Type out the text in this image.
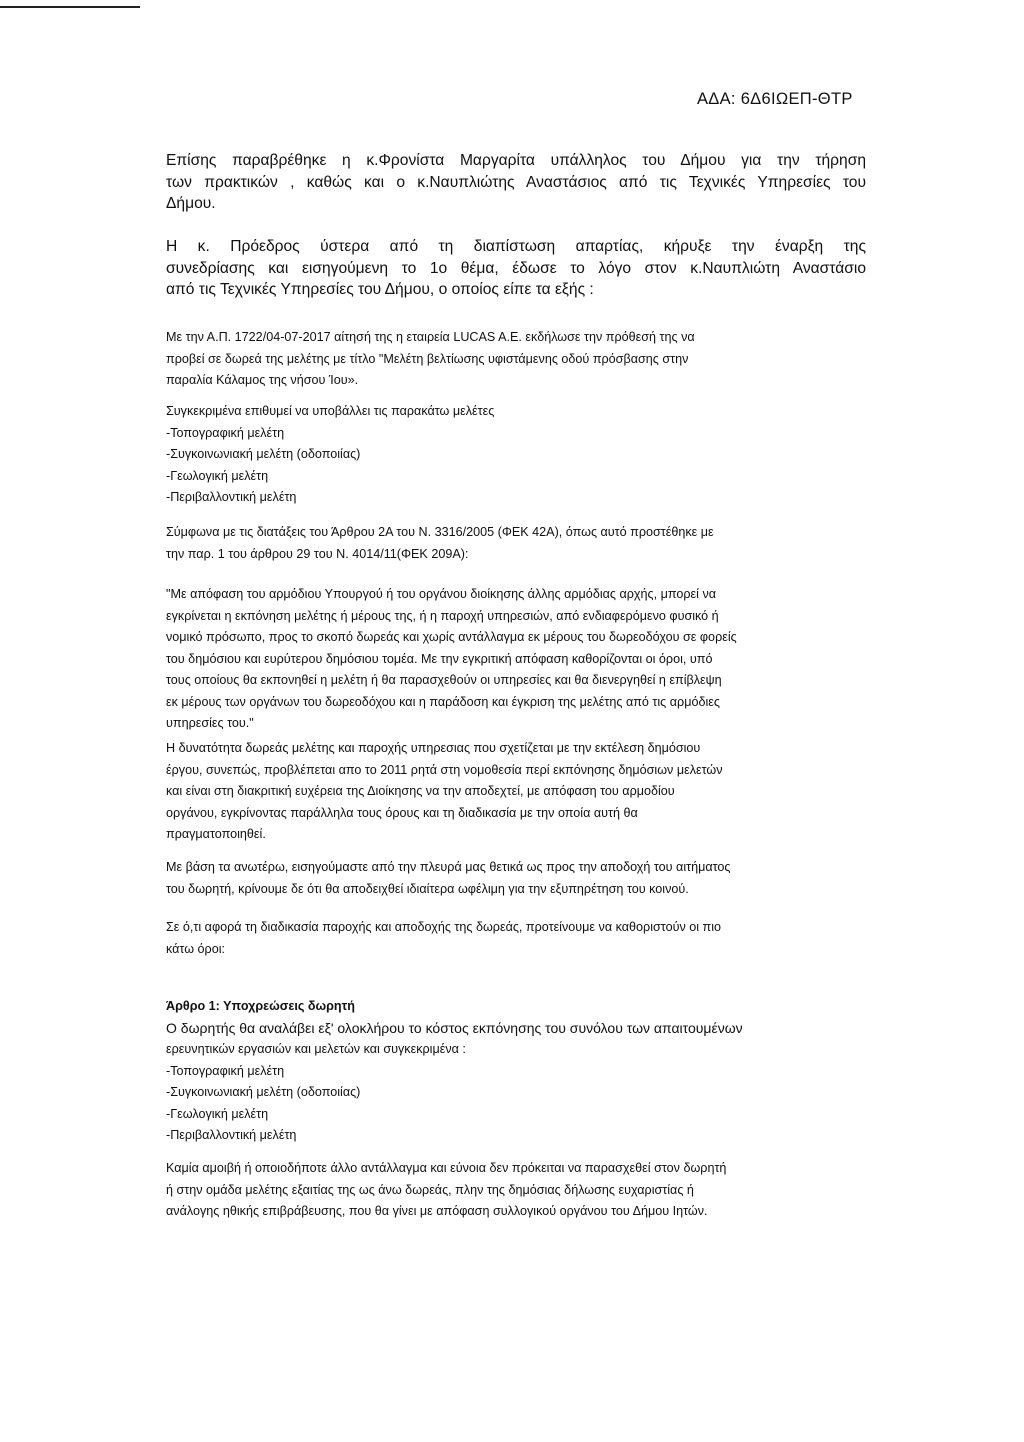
ΑΔΑ: 6Δ6ΙΩΕΠ-ΘΤΡ
Επίσης παραβρέθηκε η κ.Φρονίστα Μαργαρίτα υπάλληλος του Δήμου για την τήρηση
των πρακτικών , καθώς και ο κ.Ναυπλιώτης Αναστάσιος από τις Τεχνικές Υπηρεσίες του
Δήμου.
Η κ. Πρόεδρος ύστερα από τη διαπίστωση απαρτίας, κήρυξε την έναρξη της
συνεδρίασης και εισηγούμενη το 1ο θέμα, έδωσε το λόγο στον κ.Ναυπλιώτη Αναστάσιο
από τις Τεχνικές Υπηρεσίες του Δήμου, ο οποίος είπε τα εξής :
Με την Α.Π. 1722/04-07-2017 αίτησή της η εταιρεία LUCAS A.E. εκδήλωσε την πρόθεσή της να
προβεί σε δωρεά της μελέτης με τίτλο "Μελέτη βελτίωσης υφιστάμενης οδού πρόσβασης στην
παραλία Κάλαμος της νήσου Ίου».
Συγκεκριμένα επιθυμεί να υποβάλλει τις παρακάτω μελέτες
-Τοπογραφική μελέτη
-Συγκοινωνιακή μελέτη (οδοποιίας)
-Γεωλογική μελέτη
-Περιβαλλοντική μελέτη
Σύμφωνα με τις διατάξεις του Άρθρου 2Α του Ν. 3316/2005 (ΦΕΚ 42Α), όπως αυτό προστέθηκε με
την παρ. 1 του άρθρου 29 του Ν. 4014/11(ΦΕΚ 209Α):
"Με απόφαση του αρμόδιου Υπουργού ή του οργάνου διοίκησης άλλης αρμόδιας αρχής, μπορεί να
εγκρίνεται η εκπόνηση μελέτης ή μέρους της, ή η παροχή υπηρεσιών, από ενδιαφερόμενο φυσικό ή
νομικό πρόσωπο, προς το σκοπό δωρεάς και χωρίς αντάλλαγμα εκ μέρους του δωρεοδόχου σε φορείς
του δημόσιου και ευρύτερου δημόσιου τομέα. Με την εγκριτική απόφαση καθορίζονται οι όροι, υπό
τους οποίους θα εκπονηθεί η μελέτη ή θα παρασχεθούν οι υπηρεσίες και θα διενεργηθεί η επίβλεψη
εκ μέρους των οργάνων του δωρεοδόχου και η παράδοση και έγκριση της μελέτης από τις αρμόδιες
υπηρεσίες του."
Η δυνατότητα δωρεάς μελέτης και παροχής υπηρεσιας που σχετίζεται με την εκτέλεση δημόσιου
έργου, συνεπώς, προβλέπεται απο το 2011 ρητά στη νομοθεσία περί εκπόνησης δημόσιων μελετών
και είναι στη διακριτική ευχέρεια της Διοίκησης να την αποδεχτεί, με απόφαση του αρμοδίου
οργάνου, εγκρίνοντας παράλληλα τους όρους και τη διαδικασία με την οποία αυτή θα
πραγματοποιηθεί.
Με βάση τα ανωτέρω, εισηγούμαστε από την πλευρά μας θετικά ως προς την αποδοχή του αιτήματος
του δωρητή, κρίνουμε δε ότι θα αποδειχθεί ιδιαίτερα ωφέλιμη για την εξυπηρέτηση του κοινού.
Σε ό,τι αφορά τη διαδικασία παροχής και αποδοχής της δωρεάς, προτείνουμε να καθοριστούν οι πιο
κάτω όροι:
Άρθρο 1: Υποχρεώσεις δωρητή
Ο δωρητής θα αναλάβει εξ' ολοκλήρου το κόστος εκπόνησης του συνόλου των απαιτουμένων
ερευνητικών εργασιών και μελετών και συγκεκριμένα :
-Τοπογραφική μελέτη
-Συγκοινωνιακή μελέτη (οδοποιίας)
-Γεωλογική μελέτη
-Περιβαλλοντική μελέτη
Καμία αμοιβή ή οποιοδήποτε άλλο αντάλλαγμα και εύνοια δεν πρόκειται να παρασχεθεί στον δωρητή
ή στην ομάδα μελέτης εξαιτίας της ως άνω δωρεάς, πλην της δημόσιας δήλωσης ευχαριστίας ή
ανάλογης ηθικής επιβράβευσης, που θα γίνει με απόφαση συλλογικού οργάνου του Δήμου Ιητών.
